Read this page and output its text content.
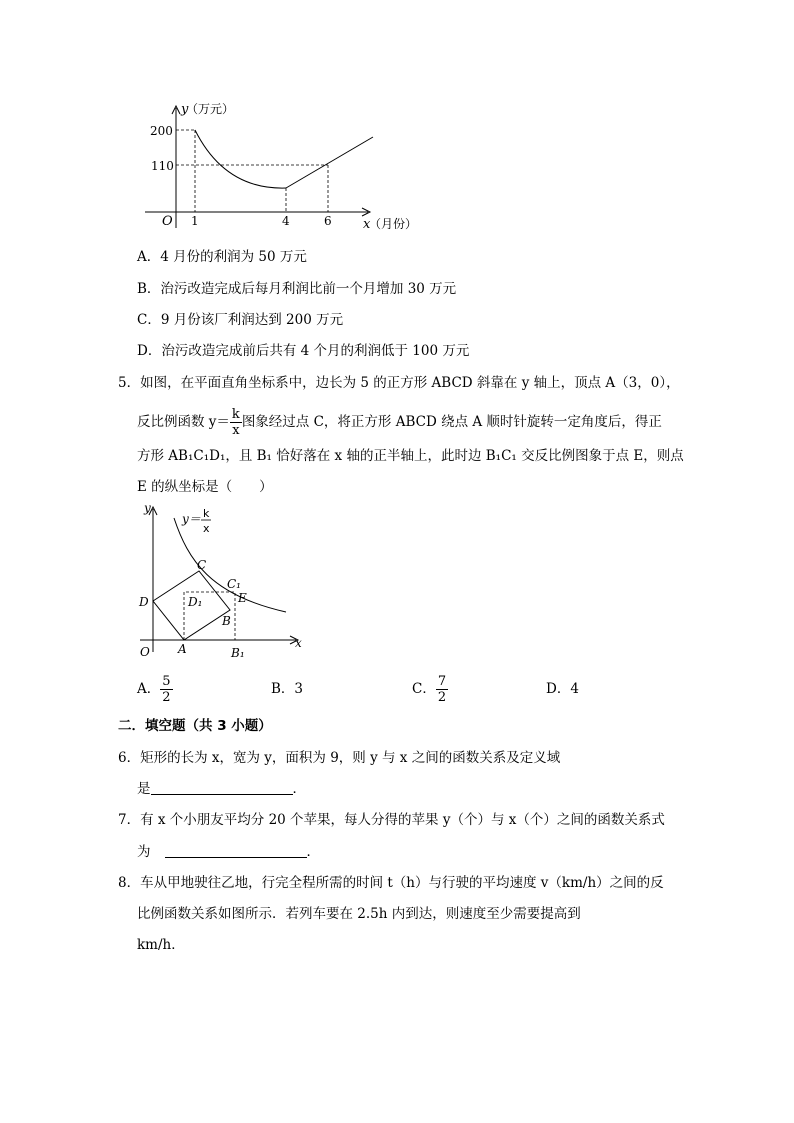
y
（万元）
200
110
O 1	4	6 x
（月份）
A．4 月份的利润为 50 万元
B．治污改造完成后每月利润比前一个月增加 30 万元
C．9 月份该厂利润达到 200 万元
D．治污改造完成前后共有 4 个月的利润低于 100 万元
5．如图，在平面直角坐标系中，边长为 5 的正方形 ABCD 斜靠在 y 轴上，顶点 A（3，0），
反比例函数 $y= \frac{k}{x}$ 图象经过点 C，将正方形 ABCD 绕点 A 顺时针旋转一定角度后，得正
方形 AB₁C₁D₁，且 B₁ 恰好落在 x 轴的正半轴上，此时边 B₁C₁ 交反比例图象于点 E，则点
E 的纵坐标是（　　）
y
x
O
D
C
C₁
D₁	E
B
A	B₁
y＝ k
x
A． $\frac{5}{2}$	B．3	C． $\frac{7}{2}$	D．4
二．填空题（共 3 小题）
6．矩形的长为 x，宽为 y，面积为 9，则 y 与 x 之间的函数关系及定义域
是	．
7．有 x 个小朋友平均分 20 个苹果，每人分得的苹果 y（个）与 x（个）之间的函数关系式
为	．
8．车从甲地驶往乙地，行完全程所需的时间 t（h）与行驶的平均速度 v（km/h）之间的反
比例函数关系如图所示．若列车要在 2.5h 内到达，则速度至少需要提高到
km/h．
